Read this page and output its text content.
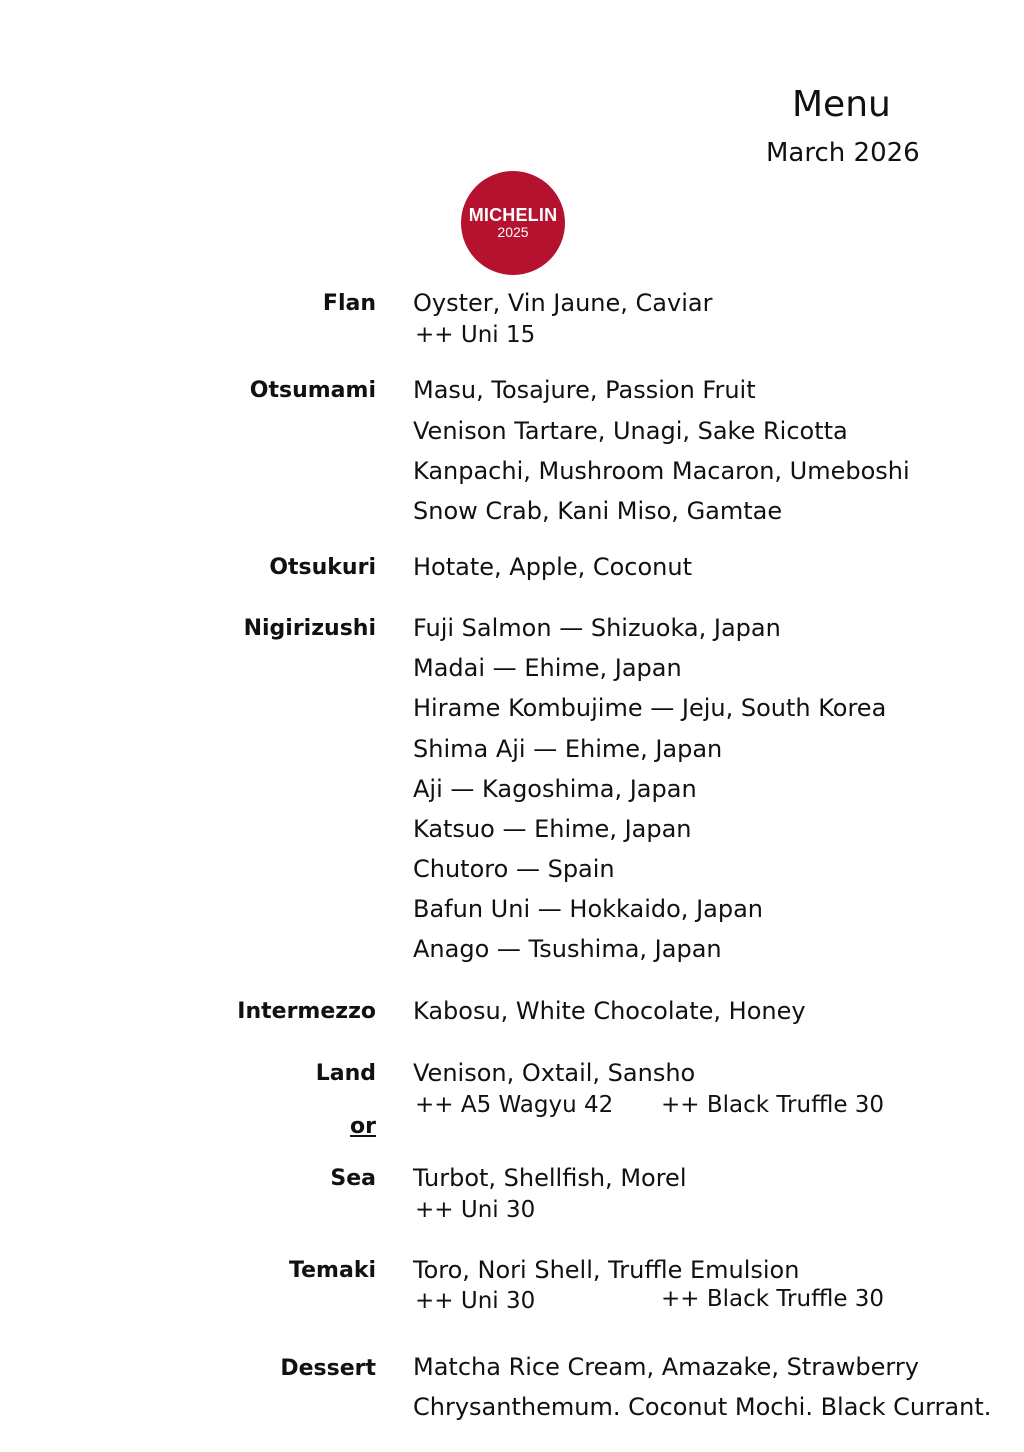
Menu
March 2026
MICHELIN
2025
Flan Oyster, Vin Jaune, Caviar
++ Uni 15
Otsumami Masu, Tosajure, Passion Fruit
Venison Tartare, Unagi, Sake Ricotta
Kanpachi, Mushroom Macaron, Umeboshi
Snow Crab, Kani Miso, Gamtae
Otsukuri Hotate, Apple, Coconut
Nigirizushi Fuji Salmon — Shizuoka, Japan
Madai — Ehime, Japan
Hirame Kombujime — Jeju, South Korea
Shima Aji — Ehime, Japan
Aji — Kagoshima, Japan
Katsuo — Ehime, Japan
Chutoro — Spain
Bafun Uni — Hokkaido, Japan
Anago — Tsushima, Japan
Intermezzo Kabosu, White Chocolate, Honey
Land Venison, Oxtail, Sansho
++ A5 Wagyu 42 ++ Black Truffle 30
or
Sea Turbot, Shellfish, Morel
++ Uni 30
Temaki Toro, Nori Shell, Truffle Emulsion
++ Uni 30	++ Black Truffle 30
Dessert Matcha Rice Cream, Amazake, Strawberry
Chrysanthemum. Coconut Mochi. Black Currant.
